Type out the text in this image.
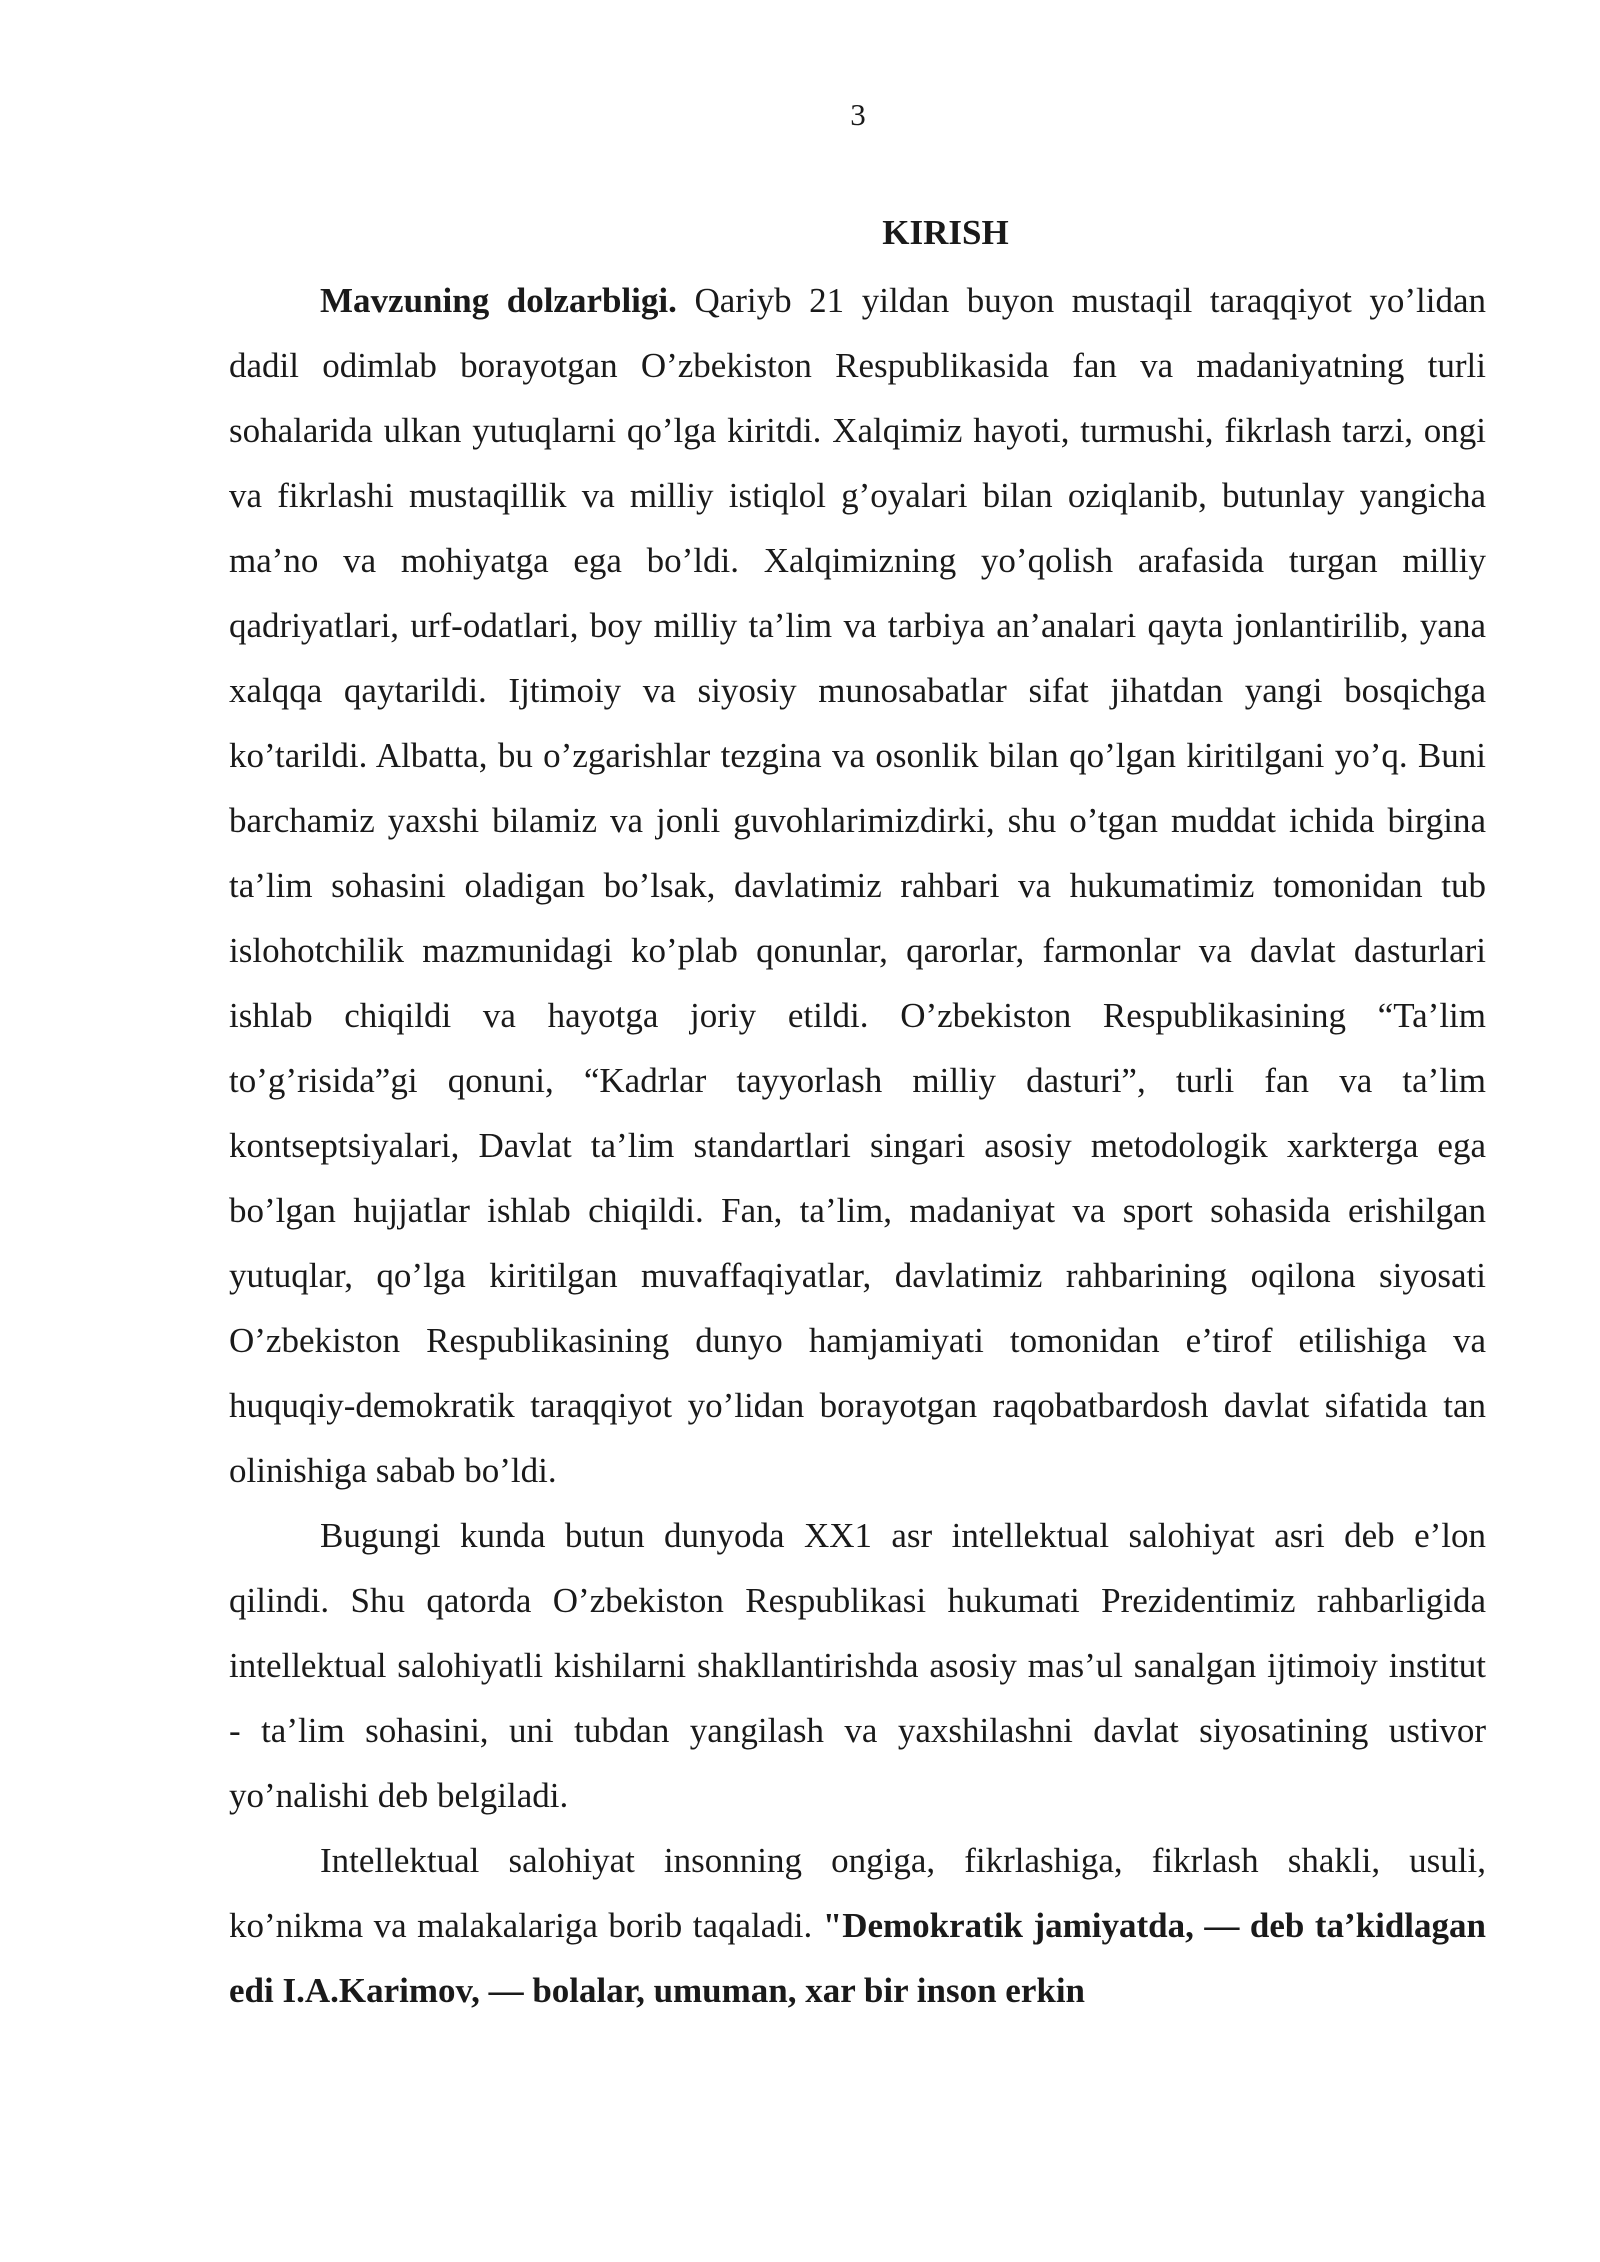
3
KIRISH

Mavzuning dolzarbligi. Qariyb 21 yildan buyon mustaqil taraqqiyot yo’lidan dadil odimlab borayotgan O’zbekiston Respublikasida fan va madaniyatning turli sohalarida ulkan yutuqlarni qo’lga kiritdi. Xalqimiz hayoti, turmushi, fikrlash tarzi, ongi va fikrlashi mustaqillik va milliy istiqlol g’oyalari bilan oziqlanib, butunlay yangicha ma’no va mohiyatga ega bo’ldi. Xalqimizning yo’qolish arafasida turgan milliy qadriyatlari, urf-odatlari, boy milliy ta’lim va tarbiya an’analari qayta jonlantirilib, yana xalqqa qaytarildi. Ijtimoiy va siyosiy munosabatlar sifat jihatdan yangi bosqichga ko’tarildi. Albatta, bu o’zgarishlar tezgina va osonlik bilan qo’lgan kiritilgani yo’q. Buni barchamiz yaxshi bilamiz va jonli guvohlarimizdirki, shu o’tgan muddat ichida birgina ta’lim sohasini oladigan bo’lsak, davlatimiz rahbari va hukumatimiz tomonidan tub islohotchilik mazmunidagi ko’plab qonunlar, qarorlar, farmonlar va davlat dasturlari ishlab chiqildi va hayotga joriy etildi. O’zbekiston Respublikasining “Ta’lim to’g’risida”gi qonuni, “Kadrlar tayyorlash milliy dasturi”, turli fan va ta’lim kontseptsiyalari, Davlat ta’lim standartlari singari asosiy metodologik xarkterga ega bo’lgan hujjatlar ishlab chiqildi. Fan, ta’lim, madaniyat va sport sohasida erishilgan yutuqlar, qo’lga kiritilgan muvaffaqiyatlar, davlatimiz rahbarining oqilona siyosati O’zbekiston Respublikasining dunyo hamjamiyati tomonidan e’tirof etilishiga va huquqiy-demokratik taraqqiyot yo’lidan borayotgan raqobatbardosh davlat sifatida tan olinishiga sabab bo’ldi.

Bugungi kunda butun dunyoda XX1 asr intellektual salohiyat asri deb e’lon qilindi. Shu qatorda O’zbekiston Respublikasi hukumati Prezidentimiz rahbarligida intellektual salohiyatli kishilarni shakllantirishda asosiy mas’ul sanalgan ijtimoiy institut - ta’lim sohasini, uni tubdan yangilash va yaxshilashni davlat siyosatining ustivor yo’nalishi deb belgiladi.

Intellektual salohiyat insonning ongiga, fikrlashiga, fikrlash shakli, usuli, ko’nikma va malakalariga borib taqaladi. "Demokratik jamiyatda, — deb ta’kidlagan edi I.A.Karimov, — bolalar, umuman, xar bir inson erkin
